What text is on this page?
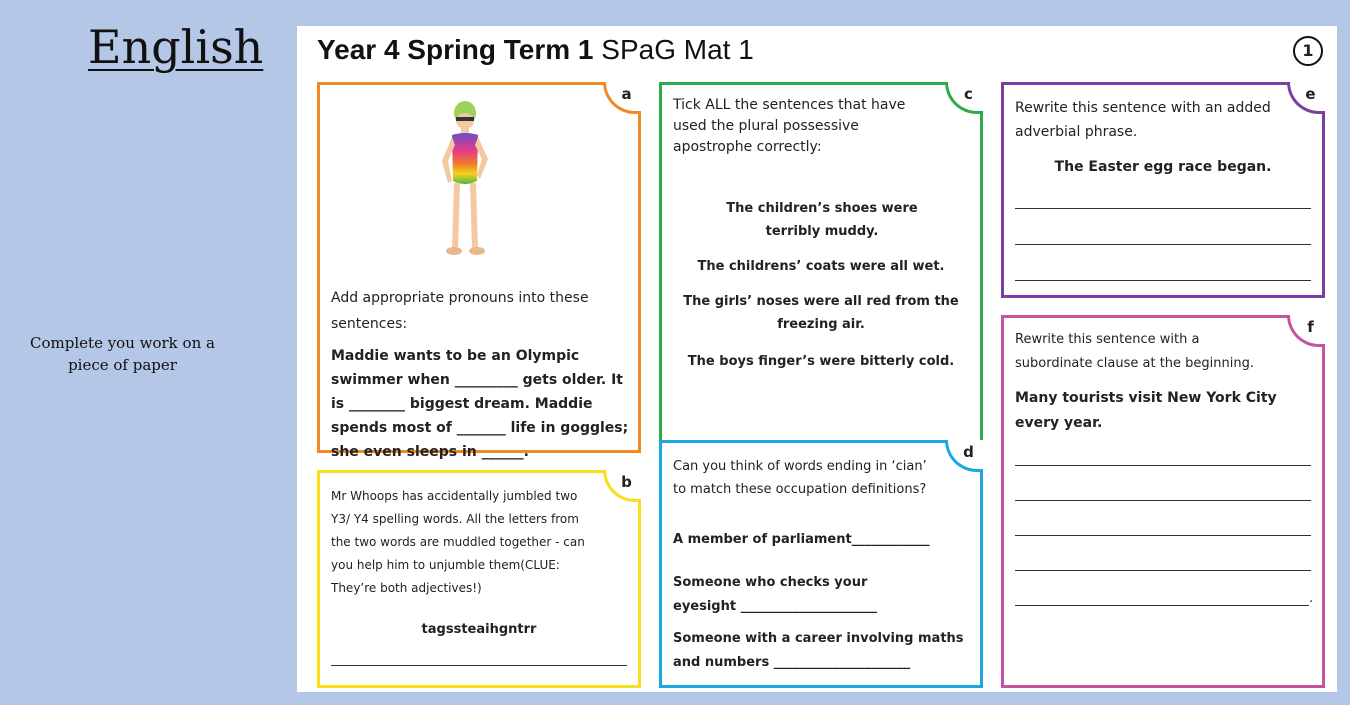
English
Complete you work on a piece of paper
Year 4 Spring Term 1 SPaG Mat 1	1
a
Add appropriate pronouns into these sentences:
Maddie wants to be an Olympic swimmer when _________ gets older. It is ________ biggest dream. Maddie spends most of _______ life in goggles; she even sleeps in ______.
b
Mr Whoops has accidentally jumbled two Y3/ Y4 spelling words. All the letters from the two words are muddled together - can you help him to unjumble them(CLUE: They’re both adjectives!)
tagssteaihgntrr
c
Tick ALL the sentences that have used the plural possessive apostrophe correctly:
The children’s shoes were terribly muddy.
The childrens’ coats were all wet.
The girls’ noses were all red from the freezing air.
The boys finger’s were bitterly cold.
d
Can you think of words ending in ‘cian’ to match these occupation definitions?
A member of parliament____________
Someone who checks your eyesight _____________________
Someone with a career involving maths and numbers _____________________
e
Rewrite this sentence with an added adverbial phrase.
The Easter egg race began.
f
Rewrite this sentence with a subordinate clause at the beginning.
Many tourists visit New York City every year.
.
